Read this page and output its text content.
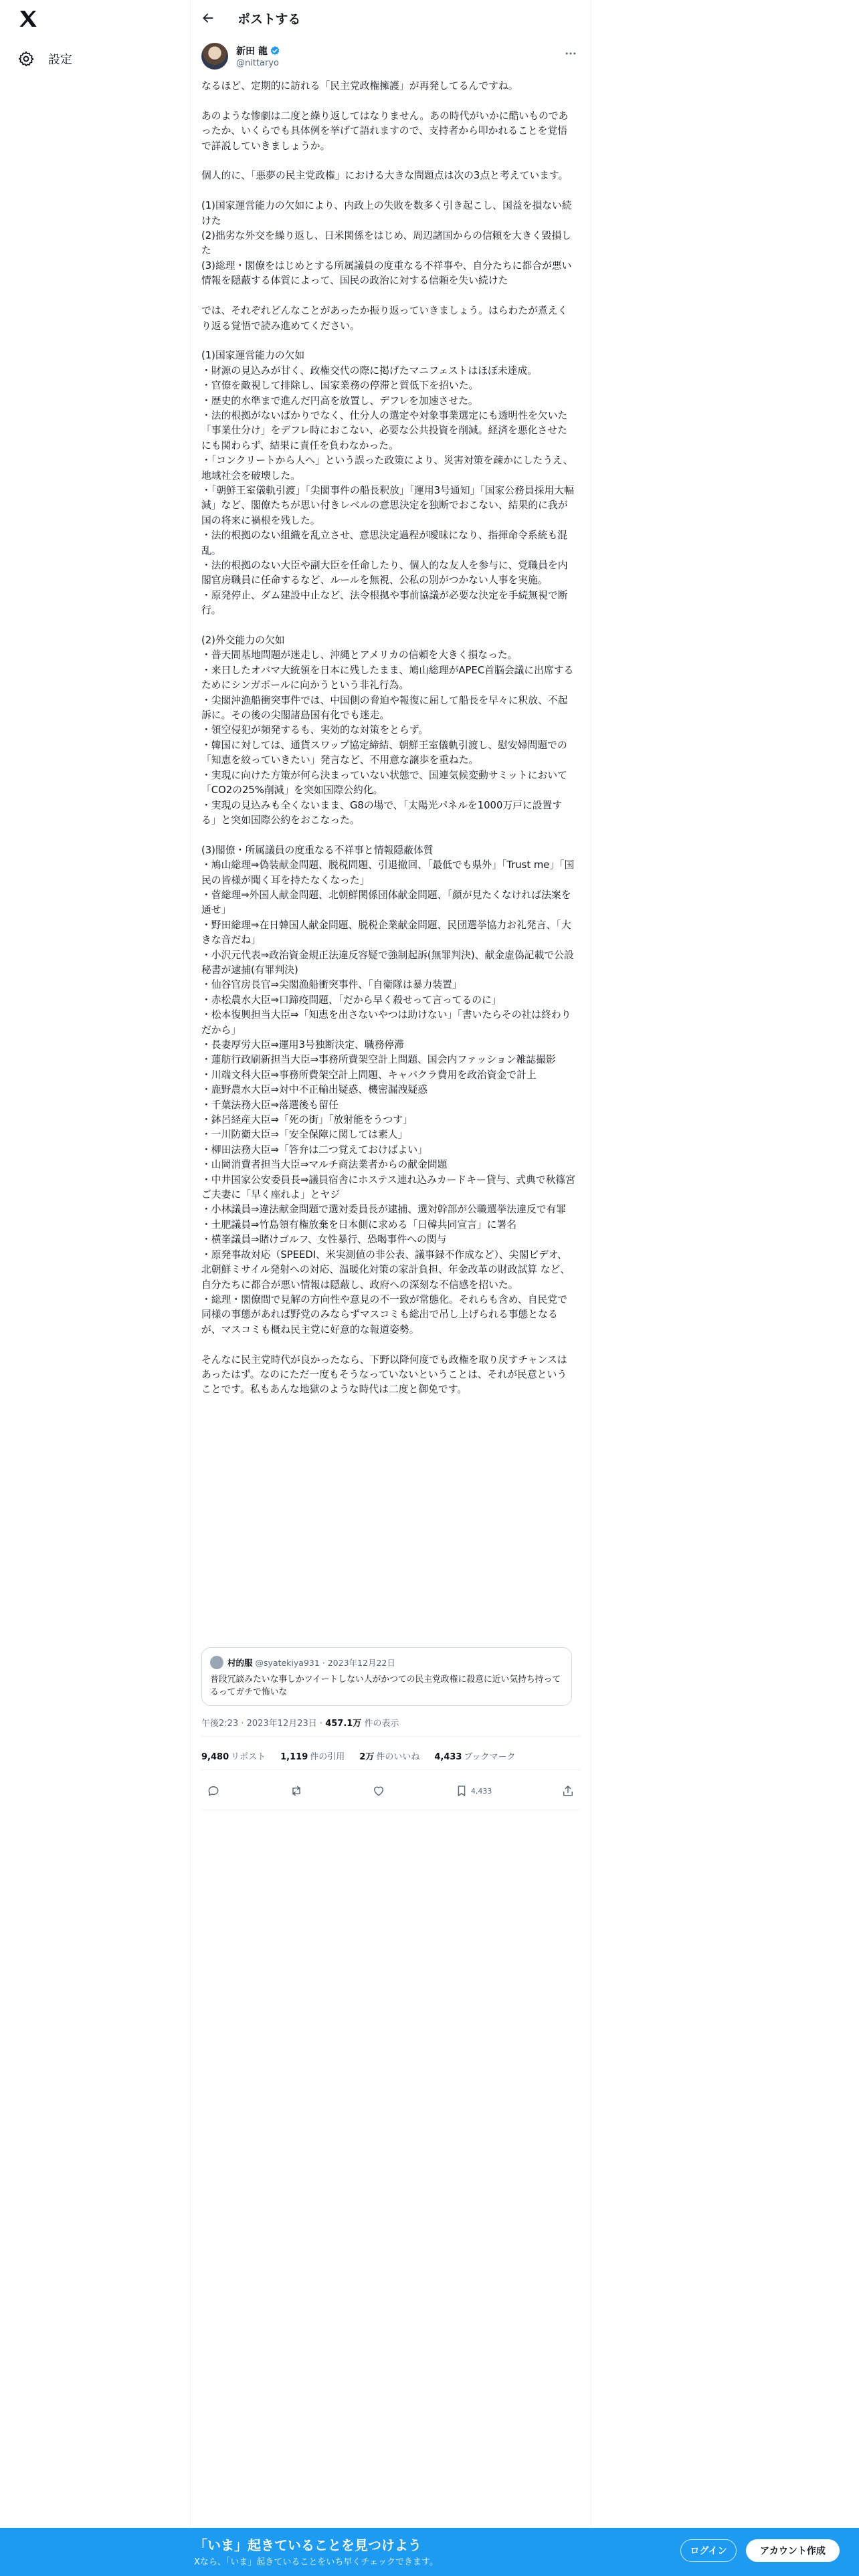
設定
ポストする
新田 龍
@nittaryo

なるほど、定期的に訪れる「民主党政権擁護」が再発してるんですね。

あのような惨劇は二度と繰り返してはなりません。あの時代がいかに酷いものであったか、いくらでも具体例を挙げて語れますので、支持者から叩かれることを覚悟で詳説していきましょうか。

個人的に、「悪夢の民主党政権」における大きな問題点は次の3点と考えています。

(1)国家運営能力の欠如により、内政上の失敗を数多く引き起こし、国益を損ない続けた
(2)拙劣な外交を繰り返し、日米関係をはじめ、周辺諸国からの信頼を大きく毀損した
(3)総理・閣僚をはじめとする所属議員の度重なる不祥事や、自分たちに都合が悪い情報を隠蔽する体質によって、国民の政治に対する信頼を失い続けた

では、それぞれどんなことがあったか振り返っていきましょう。はらわたが煮えくり返る覚悟で読み進めてください。

(1)国家運営能力の欠如
・財源の見込みが甘く、政権交代の際に掲げたマニフェストはほぼ未達成。
・官僚を敵視して排除し、国家業務の停滞と質低下を招いた。
・歴史的水準まで進んだ円高を放置し、デフレを加速させた。
・法的根拠がないばかりでなく、仕分人の選定や対象事業選定にも透明性を欠いた「事業仕分け」をデフレ時におこない、必要な公共投資を削減。経済を悪化させたにも関わらず、結果に責任を負わなかった。
・「コンクリートから人へ」という誤った政策により、災害対策を疎かにしたうえ、地域社会を破壊した。
・「朝鮮王室儀軌引渡」「尖閣事件の船長釈放」「運用3号通知」「国家公務員採用大幅減」など、閣僚たちが思い付きレベルの意思決定を独断でおこない、結果的に我が国の将来に禍根を残した。
・法的根拠のない組織を乱立させ、意思決定過程が曖昧になり、指揮命令系統も混乱。
・法的根拠のない大臣や副大臣を任命したり、個人的な友人を参与に、党職員を内閣官房職員に任命するなど、ルールを無視、公私の別がつかない人事を実施。
・原発停止、ダム建設中止など、法令根拠や事前協議が必要な決定を手続無視で断行。

(2)外交能力の欠如
・普天間基地問題が迷走し、沖縄とアメリカの信頼を大きく損なった。
・来日したオバマ大統領を日本に残したまま、鳩山総理がAPEC首脳会議に出席するためにシンガポールに向かうという非礼行為。
・尖閣沖漁船衝突事件では、中国側の脅迫や報復に屈して船長を早々に釈放、不起訴に。その後の尖閣諸島国有化でも迷走。
・領空侵犯が頻発するも、実効的な対策をとらず。
・韓国に対しては、通貨スワップ協定締結、朝鮮王室儀軌引渡し、慰安婦問題での「知恵を絞っていきたい」発言など、不用意な譲歩を重ねた。
・実現に向けた方策が何ら決まっていない状態で、国連気候変動サミットにおいて「CO2の25%削減」を突如国際公約化。
・実現の見込みも全くないまま、G8の場で、「太陽光パネルを1000万戸に設置する」と突如国際公約をおこなった。

(3)閣僚・所属議員の度重なる不祥事と情報隠蔽体質
・鳩山総理⇒偽装献金問題、脱税問題、引退撤回、「最低でも県外」「Trust me」「国民の皆様が聞く耳を持たなくなった」
・菅総理⇒外国人献金問題、北朝鮮関係団体献金問題、「顔が見たくなければ法案を通せ」
・野田総理⇒在日韓国人献金問題、脱税企業献金問題、民団選挙協力お礼発言、「大きな音だね」
・小沢元代表⇒政治資金規正法違反容疑で強制起訴(無罪判決)、献金虚偽記載で公設秘書が逮捕(有罪判決)
・仙谷官房長官⇒尖閣漁船衝突事件、「自衛隊は暴力装置」
・赤松農水大臣⇒口蹄疫問題、「だから早く殺せって言ってるのに」
・松本復興担当大臣⇒「知恵を出さないやつは助けない」「書いたらその社は終わりだから」
・長妻厚労大臣⇒運用3号独断決定、職務停滞
・蓮舫行政刷新担当大臣⇒事務所費架空計上問題、国会内ファッション雑誌撮影
・川端文科大臣⇒事務所費架空計上問題、キャバクラ費用を政治資金で計上
・鹿野農水大臣⇒対中不正輸出疑惑、機密漏洩疑惑
・千葉法務大臣⇒落選後も留任
・鉢呂経産大臣⇒「死の街」「放射能をうつす」
・一川防衛大臣⇒「安全保障に関しては素人」
・柳田法務大臣⇒「答弁は二つ覚えておけばよい」
・山岡消費者担当大臣⇒マルチ商法業者からの献金問題
・中井国家公安委員長⇒議員宿舎にホステス連れ込みカードキー貸与、式典で秋篠宮ご夫妻に「早く座れよ」とヤジ
・小林議員⇒違法献金問題で選対委員長が逮捕、選対幹部が公職選挙法違反で有罪
・土肥議員⇒竹島領有権放棄を日本側に求める「日韓共同宣言」に署名
・横峯議員⇒賭けゴルフ、女性暴行、恐喝事件への関与
・原発事故対応（SPEEDI、米実測値の非公表、議事録不作成など）、尖閣ビデオ、北朝鮮ミサイル発射への対応、温暖化対策の家計負担、年金改革の財政試算 など、自分たちに都合が悪い情報は隠蔽し、政府への深刻な不信感を招いた。
・総理・閣僚間で見解の方向性や意見の不一致が常態化。それらも含め、自民党で同様の事態があれば野党のみならずマスコミも総出で吊し上げられる事態となるが、マスコミも概ね民主党に好意的な報道姿勢。

そんなに民主党時代が良かったなら、下野以降何度でも政権を取り戻すチャンスはあったはず。なのにただ一度もそうなっていないということは、それが民意ということです。私もあんな地獄のような時代は二度と御免です。

村的服 @syatekiya931 · 2023年12月22日
普段冗談みたいな事しかツイートしない人がかつての民主党政権に殺意に近い気持ち持ってるってガチで怖いな
午後2:23 · 2023年12月23日 · 457.1万 件の表示
9,480 リポスト 1,119 件の引用 2万 件のいいね 4,433 ブックマーク
4,433
「いま」起きていることを見つけよう
Xなら、「いま」起きていることをいち早くチェックできます。
ログイン	アカウント作成
